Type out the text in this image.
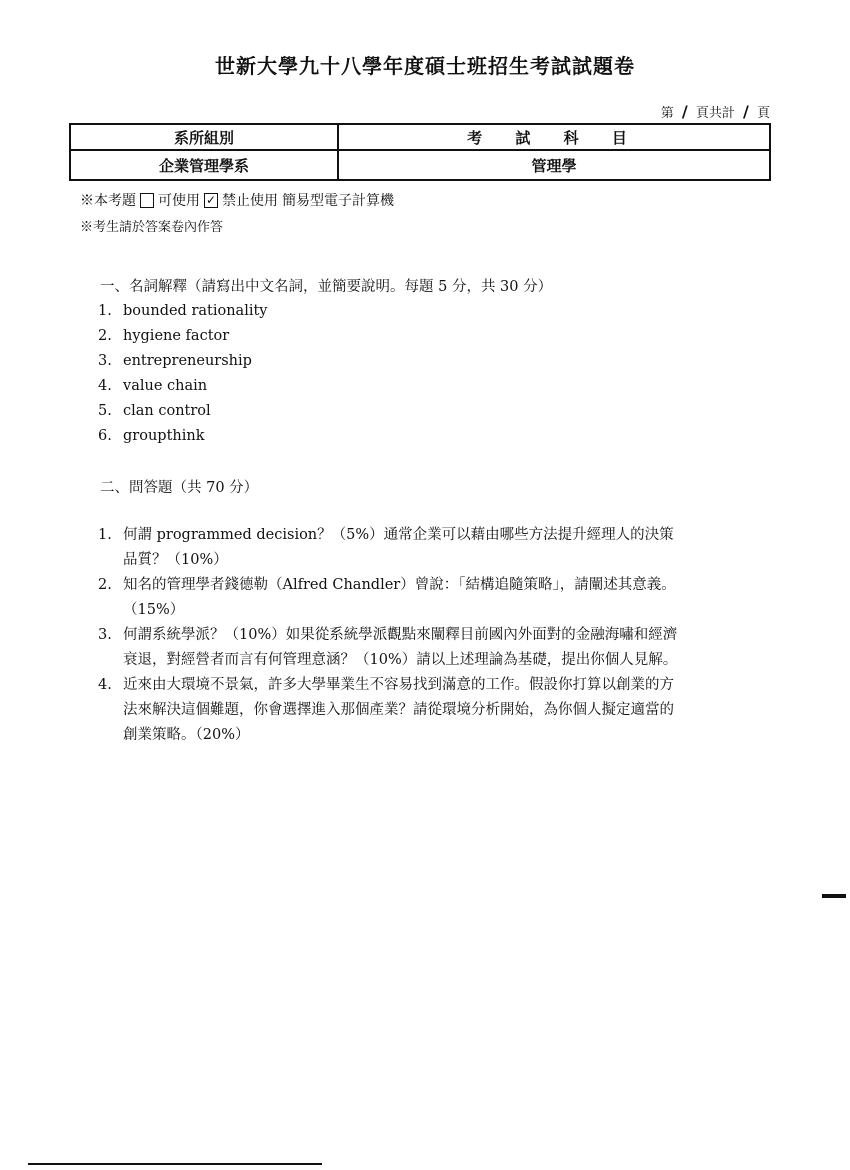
世新大學九十八學年度碩士班招生考試試題卷
第 / 頁共計 / 頁
系所組別	考 試 科 目
企業管理學系	管理學
※本考題 可使用 ✓ 禁止使用 簡易型電子計算機
※考生請於答案卷內作答
一、名詞解釋（請寫出中文名詞，並簡要說明。每題 5 分，共 30 分）
1. bounded rationality
2. hygiene factor
3. entrepreneurship
4. value chain
5. clan control
6. groupthink
二、問答題（共 70 分）
1. 何謂 programmed decision？（5%）通常企業可以藉由哪些方法提升經理人的決策品質？（10%）
2. 知名的管理學者錢德勒（Alfred Chandler）曾說：「結構追隨策略」，請闡述其意義。（15%）
3. 何謂系統學派？（10%）如果從系統學派觀點來闡釋目前國內外面對的金融海嘯和經濟衰退，對經營者而言有何管理意涵？（10%）請以上述理論為基礎，提出你個人見解。
4. 近來由大環境不景氣，許多大學畢業生不容易找到滿意的工作。假設你打算以創業的方法來解決這個難題，你會選擇進入那個產業？請從環境分析開始，為你個人擬定適當的創業策略。（20%）
